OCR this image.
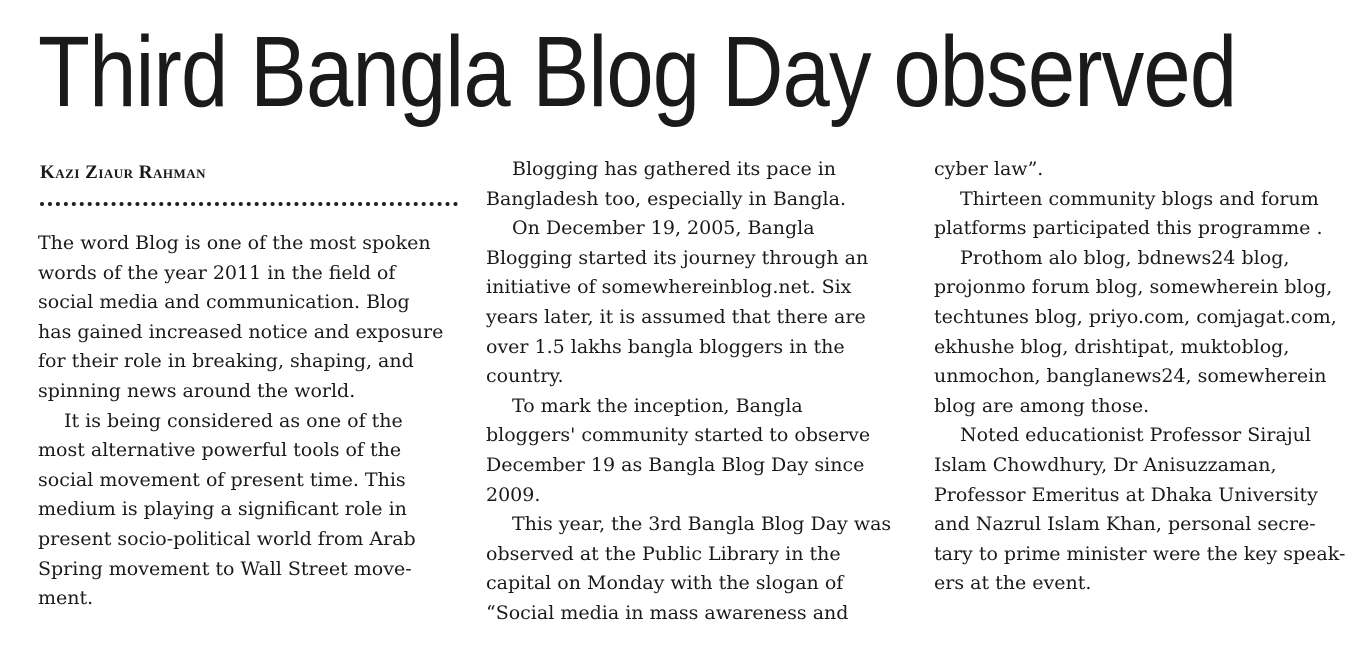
Third Bangla Blog Day observed
Kazi Ziaur Rahman

The word Blog is one of the most spoken
words of the year 2011 in the field of
social media and communication. Blog
has gained increased notice and exposure
for their role in breaking, shaping, and
spinning news around the world.

It is being considered as one of the
most alternative powerful tools of the
social movement of present time. This
medium is playing a significant role in
present socio-political world from Arab
Spring movement to Wall Street move-
ment.

Blogging has gathered its pace in
Bangladesh too, especially in Bangla.

On December 19, 2005, Bangla
Blogging started its journey through an
initiative of somewhereinblog.net. Six
years later, it is assumed that there are
over 1.5 lakhs bangla bloggers in the
country.

To mark the inception, Bangla
bloggers' community started to observe
December 19 as Bangla Blog Day since
2009.

This year, the 3rd Bangla Blog Day was
observed at the Public Library in the
capital on Monday with the slogan of
“Social media in mass awareness and

cyber law”.

Thirteen community blogs and forum
platforms participated this programme .

Prothom alo blog, bdnews24 blog,
projonmo forum blog, somewherein blog,
techtunes blog, priyo.com, comjagat.com,
ekhushe blog, drishtipat, muktoblog,
unmochon, banglanews24, somewherein
blog are among those.

Noted educationist Professor Sirajul
Islam Chowdhury, Dr Anisuzzaman,
Professor Emeritus at Dhaka University
and Nazrul Islam Khan, personal secre-
tary to prime minister were the key speak-
ers at the event.
